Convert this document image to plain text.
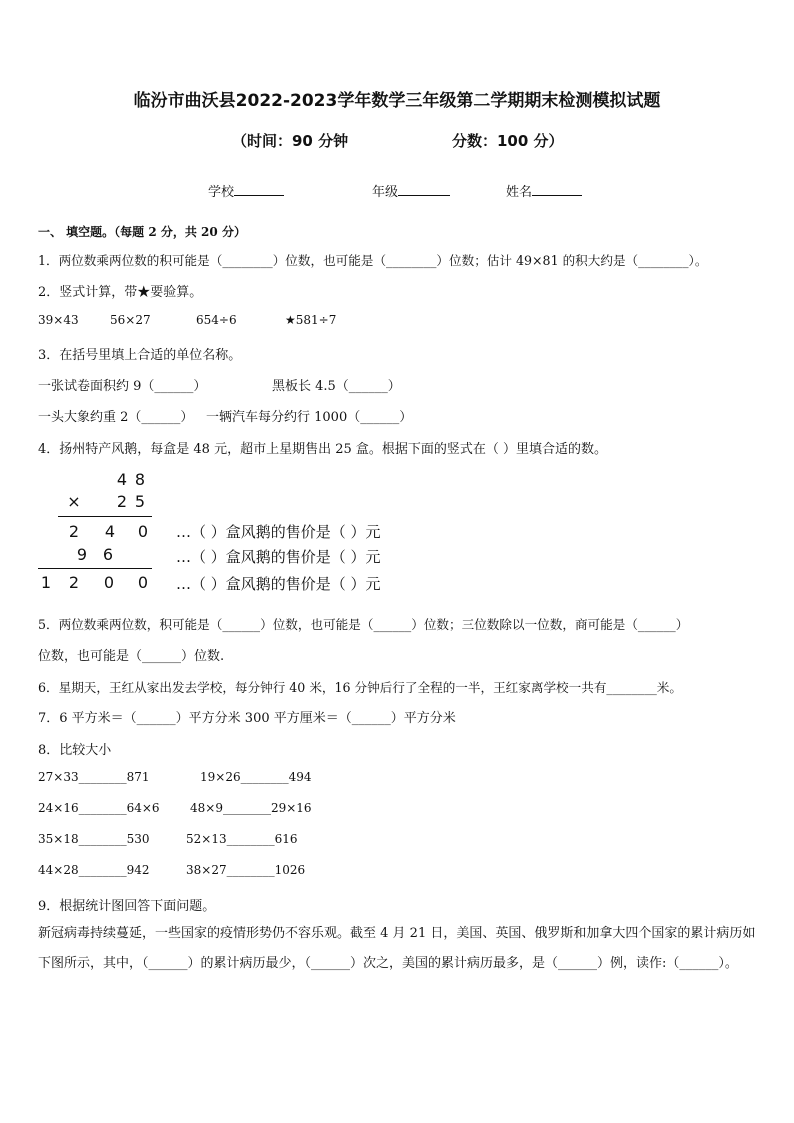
临汾市曲沃县2022-2023学年数学三年级第二学期期末检测模拟试题
（时间：90 分钟	分数：100 分）
学校	年级	姓名
一、 填空题。（每题 2 分，共 20 分）
1．两位数乘两位数的积可能是（________）位数，也可能是（________）位数；估计 49×81 的积大约是（________）。
2．竖式计算，带★要验算。
39×43	56×27	654÷6	★581÷7
3．在括号里填上合适的单位名称。
一张试卷面积约 9（______）	黑板长 4.5（______）
一头大象约重 2（______） 一辆汽车每分约行 1000（______）
4．扬州特产风鹅，每盒是 48 元，超市上星期售出 25 盒。根据下面的竖式在（ ）里填合适的数。
4 8
×	2 5
2	4	0
9 6
1	2	0	0
…（ ）盒风鹅的售价是（ ）元
…（ ）盒风鹅的售价是（ ）元
…（ ）盒风鹅的售价是（ ）元
5．两位数乘两位数，积可能是（______）位数，也可能是（______）位数；三位数除以一位数，商可能是（______）
位数，也可能是（______）位数.
6．星期天，王红从家出发去学校，每分钟行 40 米，16 分钟后行了全程的一半，王红家离学校一共有________米。
7．6 平方米＝（______）平方分米 300 平方厘米＝（______）平方分米
8．比较大小
27×33________871	19×26________494
24×16________64×6	48×9________29×16
35×18________530	52×13________616
44×28________942	38×27________1026
9．根据统计图回答下面问题。
新冠病毒持续蔓延，一些国家的疫情形势仍不容乐观。截至 4 月 21 日，美国、英国、俄罗斯和加拿大四个国家的累计病历如下图所示，其中，（______）的累计病历最少，（______）次之，美国的累计病历最多，是（______）例，读作:（______）。
